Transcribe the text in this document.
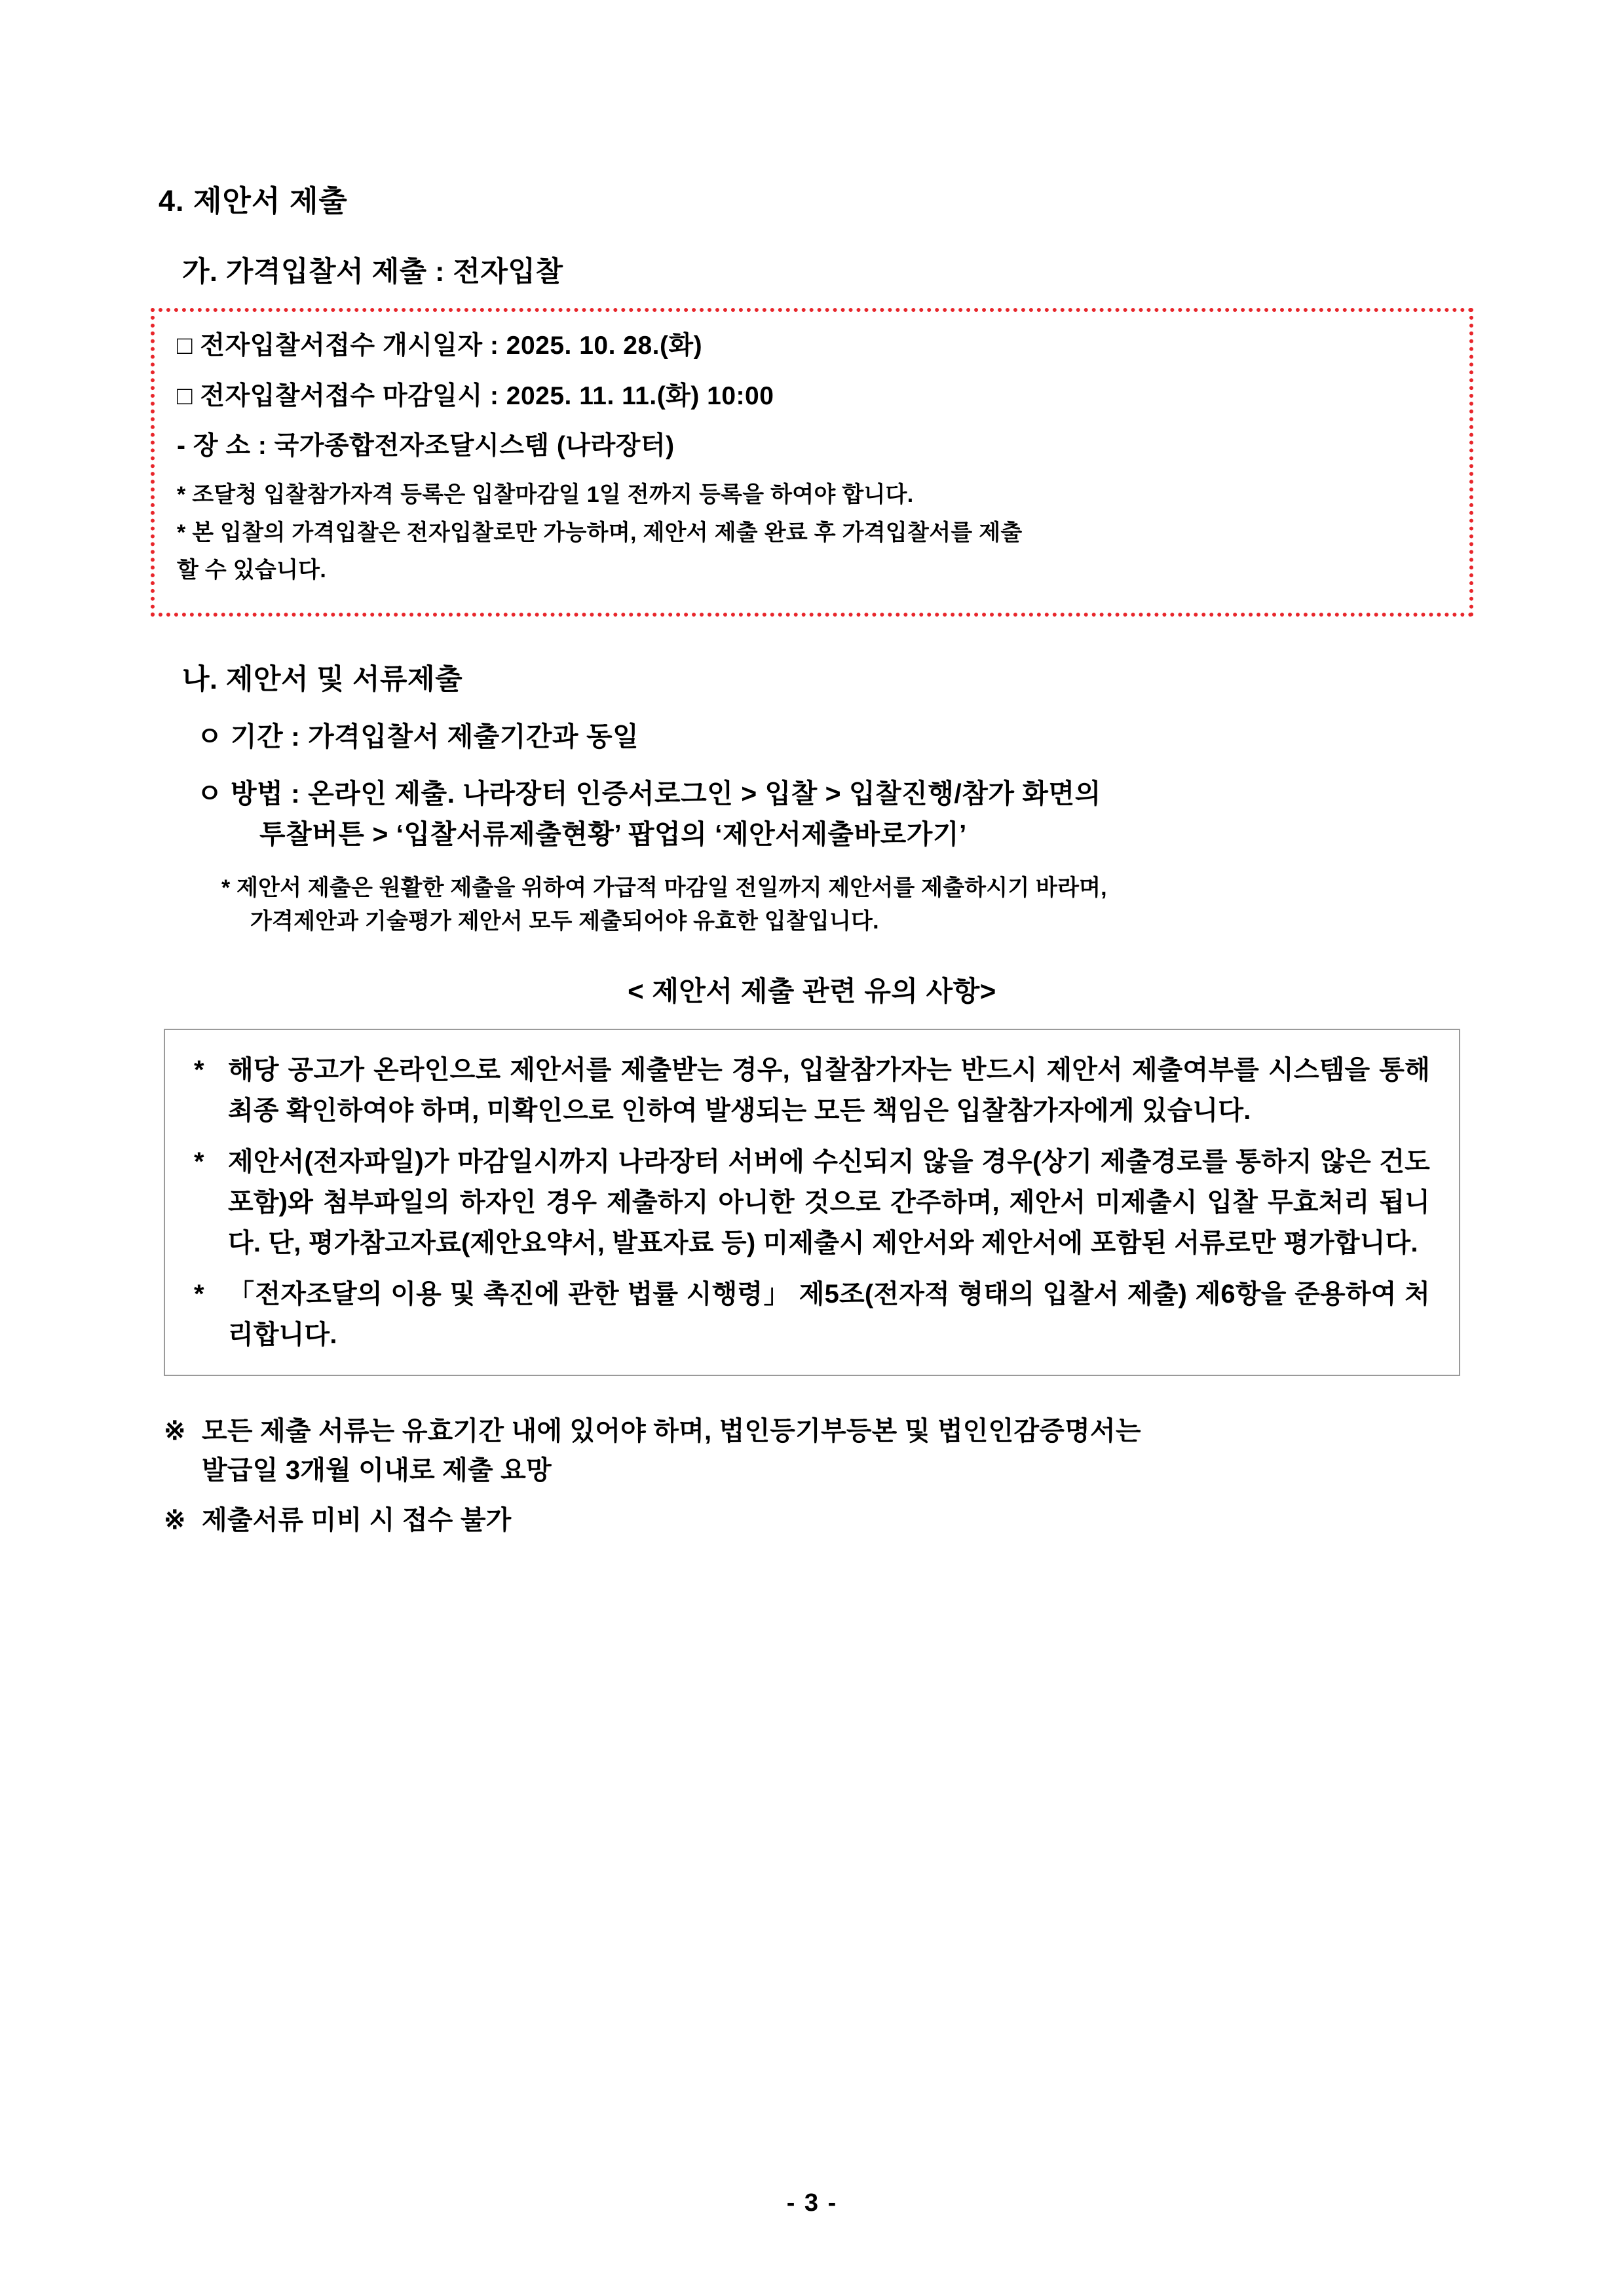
4. 제안서 제출
가. 가격입찰서 제출 : 전자입찰

□ 전자입찰서접수 개시일자 : 2025. 10. 28.(화)

□ 전자입찰서접수 마감일시 : 2025. 11. 11.(화) 10:00

- 장 소 : 국가종합전자조달시스템 (나라장터)

* 조달청 입찰참가자격 등록은 입찰마감일 1일 전까지 등록을 하여야 합니다.

* 본 입찰의 가격입찰은 전자입찰로만 가능하며, 제안서 제출 완료 후 가격입찰서를 제출

할 수 있습니다.

나. 제안서 및 서류제출

ㅇ 기간 : 가격입찰서 제출기간과 동일

ㅇ 방법 : 온라인 제출. 나라장터 인증서로그인 > 입찰 > 입찰진행/참가 화면의
투찰버튼 > ‘입찰서류제출현황’ 팝업의 ‘제안서제출바로가기’

* 제안서 제출은 원활한 제출을 위하여 가급적 마감일 전일까지 제안서를 제출하시기 바라며,
가격제안과 기술평가 제안서 모두 제출되어야 유효한 입찰입니다.

< 제안서 제출 관련 유의 사항>
* 해당 공고가 온라인으로 제안서를 제출받는 경우, 입찰참가자는 반드시 제안서 제출여부를 시스템을 통해 최종 확인하여야 하며, 미확인으로 인하여 발생되는 모든 책임은 입찰참가자에게 있습니다.
* 제안서(전자파일)가 마감일시까지 나라장터 서버에 수신되지 않을 경우(상기 제출경로를 통하지 않은 건도 포함)와 첨부파일의 하자인 경우 제출하지 아니한 것으로 간주하며, 제안서 미제출시 입찰 무효처리 됩니다. 단, 평가참고자료(제안요약서, 발표자료 등) 미제출시 제안서와 제안서에 포함된 서류로만 평가합니다.
* 「전자조달의 이용 및 촉진에 관한 법률 시행령」 제5조(전자적 형태의 입찰서 제출) 제6항을 준용하여 처리합니다.
※ 모든 제출 서류는 유효기간 내에 있어야 하며, 법인등기부등본 및 법인인감증명서는
발급일 3개월 이내로 제출 요망
※ 제출서류 미비 시 접수 불가
- 3 -
